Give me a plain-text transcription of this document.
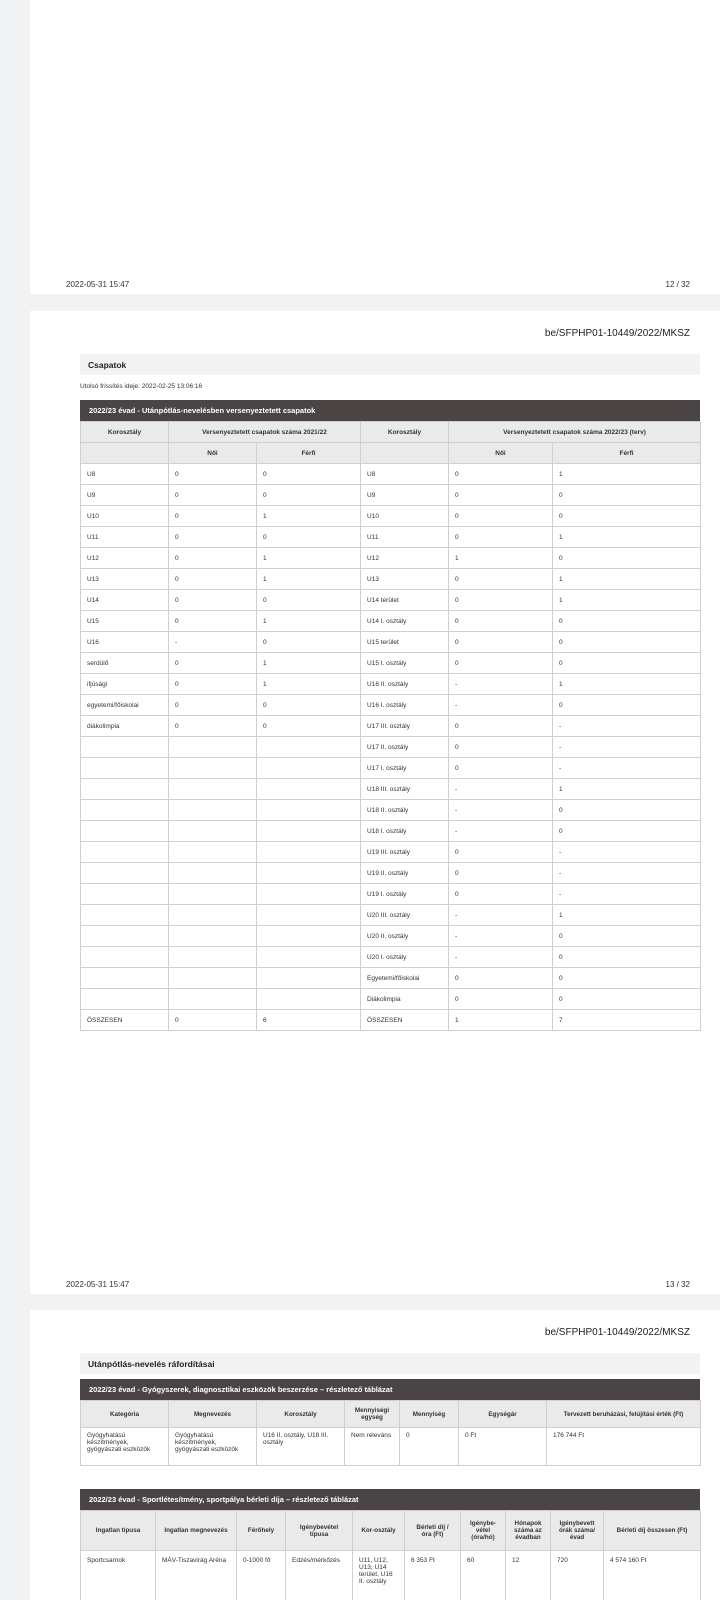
2022-05-31 15:47	12 / 32
be/SFPHP01-10449/2022/MKSZ
Csapatok
Utolsó frissítés ideje: 2022-02-25 13:06:16
2022/23 évad - Utánpótlás-nevelésben versenyeztetett csapatok
Korosztály	Versenyeztetett csapatok száma 2021/22		Korosztály	Versenyeztetett csapatok száma 2022/23 (terv)	
	Női	Férfi		Női	Férfi
U8	0	0	U8	0	1
U9	0	0	U9	0	0
U10	0	1	U10	0	0
U11	0	0	U11	0	1
U12	0	1	U12	1	0
U13	0	1	U13	0	1
U14	0	0	U14 terület	0	1
U15	0	1	U14 I. osztály	0	0
U16	-	0	U15 terület	0	0
serdülő	0	1	U15 I. osztály	0	0
ifjúsági	0	1	U16 II. osztály	-	1
egyetemi/főiskolai	0	0	U16 I. osztály	-	0
diákolimpia	0	0	U17 III. osztály	0	-
			U17 II. osztály	0	-
			U17 I. osztály	0	-
			U18 III. osztály	-	1
			U18 II. osztály	-	0
			U18 I. osztály	-	0
			U19 III. osztály	0	-
			U19 II. osztály	0	-
			U19 I. osztály	0	-
			U20 III. osztály	-	1
			U20 II. osztály	-	0
			U20 I. osztály	-	0
			Egyetemi/főiskolai	0	0
			Diákolimpia	0	0
ÖSSZESEN	0	6	ÖSSZESEN	1	7
2022-05-31 15:47	13 / 32
be/SFPHP01-10449/2022/MKSZ
Utánpótlás-nevelés ráfordításai
2022/23 évad - Gyógyszerek, diagnosztikai eszközök beszerzése – részletező táblázat
Kategória	Megnevezés	Korosztály	Mennyiségi egység	Mennyiség	Egységár	Tervezett beruházási, felújítási érték (Ft)
Gyógyhatású készítmények, gyógyászati eszközök	Gyógyhatású készítmények, gyógyászati eszközök	U16 II. osztály, U18 III. osztály	Nem releváns	0	0 Ft	176 744 Ft
2022/23 évad - Sportlétesítmény, sportpálya bérleti díja – részletező táblázat
Ingatlan típusa	Ingatlan megnevezés	Férőhely	Igénybevétel típusa	Kor-osztály	Bérleti díj / óra (Ft)	Igénybe-vétel (óra/hó)	Hónapok száma az évadban	Igénybevett órák száma/évad	Bérleti díj összesen (Ft)
Sportcsarnok	MÁV-Tiszavirág Aréna	0-1000 fő	Edzés/mérkőzés	U11, U12, U13, U14 terület, U16 II. osztály	6 353 Ft	60	12	720	4 574 160 Ft
